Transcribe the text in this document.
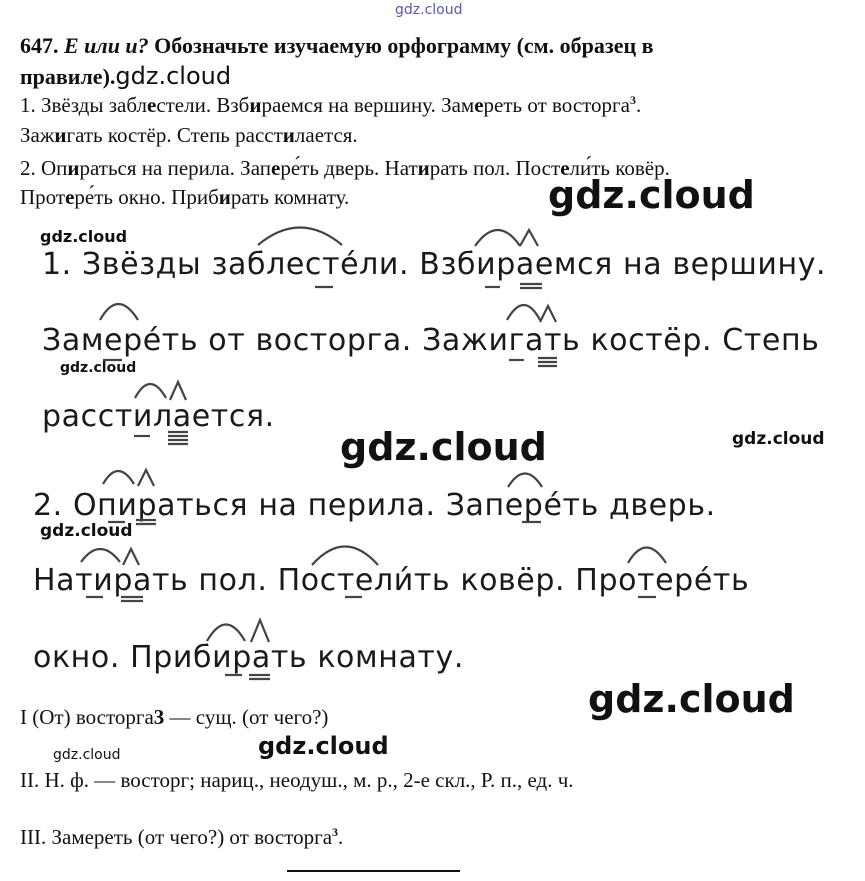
gdz.cloud
647. Е или и? Обозначьте изучаемую орфограмму (см. образец в
правиле).gdz.cloud
1. Звёзды заблестели. Взбираемся на вершину. Замереть от восторга$^3$.
Зажигать костёр. Степь расстилается.
2. Опираться на перила. Запере́ть дверь. Натирать пол. Постели́ть ковёр.
Протере́ть окно. Прибирать комнату.	gdz.cloud
gdz.cloud
1. Звёзды заблесте́ли. Взбираемся на вершину.
Замере́ть от восторга. Зажигать костёр. Степь
gdz.cloud
расстилается.
gdz.cloud	gdz.cloud
2. Опираться на перила. Запере́ть дверь.
gdz.cloud
Натирать пол. Постели́ть ковёр. Протере́ть
окно. Прибирать комнату.
I (От) восторга3 — сущ. (от чего?)	gdz.cloud
gdz.cloud
gdz.cloud
II. Н. ф. — восторг; нариц., неодуш., м. р., 2-е скл., Р. п., ед. ч.
III. Замереть (от чего?) от восторга$^3$.
